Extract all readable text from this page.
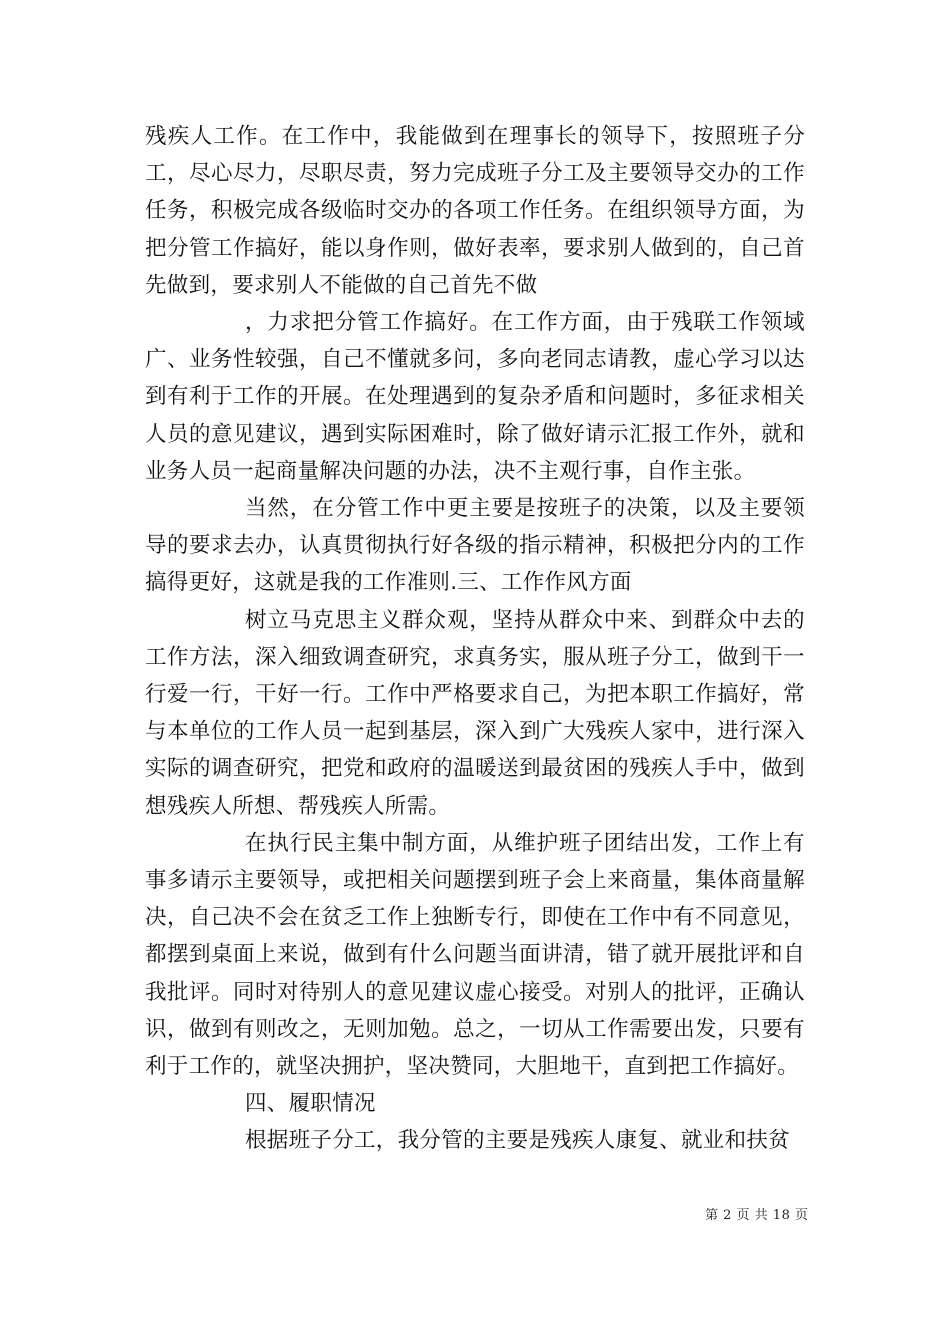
残疾人工作。在工作中，我能做到在理事长的领导下，按照班子分工，尽心尽力，尽职尽责，努力完成班子分工及主要领导交办的工作任务，积极完成各级临时交办的各项工作任务。在组织领导方面，为把分管工作搞好，能以身作则，做好表率，要求别人做到的，自己首先做到，要求别人不能做的自己首先不做

，力求把分管工作搞好。在工作方面，由于残联工作领域广、业务性较强，自己不懂就多问，多向老同志请教，虚心学习以达到有利于工作的开展。在处理遇到的复杂矛盾和问题时，多征求相关人员的意见建议，遇到实际困难时，除了做好请示汇报工作外，就和业务人员一起商量解决问题的办法，决不主观行事，自作主张。

当然，在分管工作中更主要是按班子的决策，以及主要领导的要求去办，认真贯彻执行好各级的指示精神，积极把分内的工作搞得更好，这就是我的工作准则.三、工作作风方面

树立马克思主义群众观，坚持从群众中来、到群众中去的工作方法，深入细致调查研究，求真务实，服从班子分工，做到干一行爱一行，干好一行。工作中严格要求自己，为把本职工作搞好，常与本单位的工作人员一起到基层，深入到广大残疾人家中，进行深入实际的调查研究，把党和政府的温暖送到最贫困的残疾人手中，做到想残疾人所想、帮残疾人所需。

在执行民主集中制方面，从维护班子团结出发，工作上有事多请示主要领导，或把相关问题摆到班子会上来商量，集体商量解决，自己决不会在贫乏工作上独断专行，即使在工作中有不同意见，都摆到桌面上来说，做到有什么问题当面讲清，错了就开展批评和自我批评。同时对待别人的意见建议虚心接受。对别人的批评，正确认识，做到有则改之，无则加勉。总之，一切从工作需要出发，只要有利于工作的，就坚决拥护，坚决赞同，大胆地干，直到把工作搞好。

四、履职情况

根据班子分工，我分管的主要是残疾人康复、就业和扶贫

第 2 页 共 18 页
